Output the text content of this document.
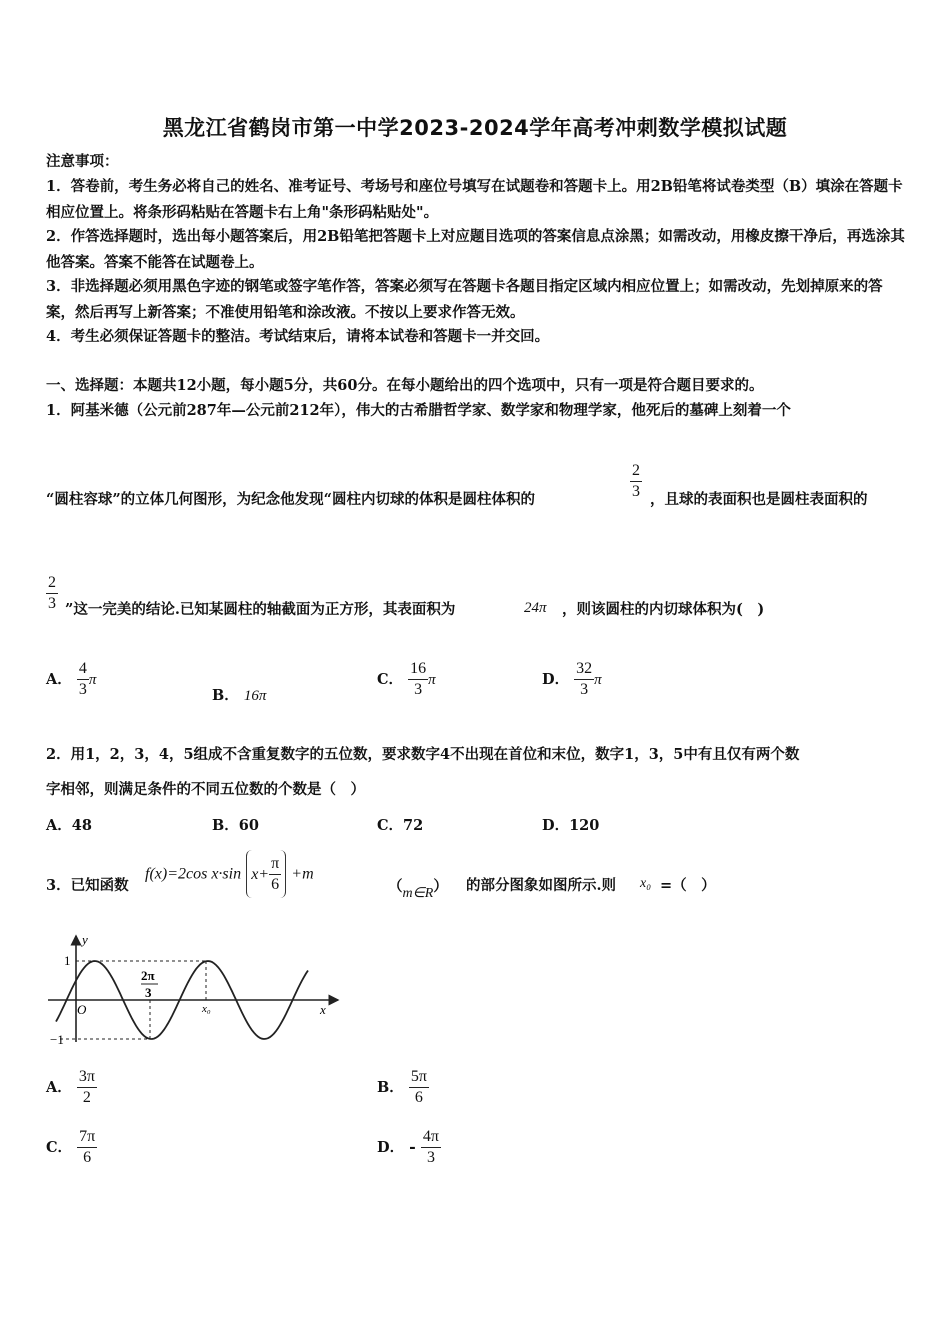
黑龙江省鹤岗市第一中学2023-2024学年高考冲刺数学模拟试题
注意事项：
1．答卷前，考生务必将自己的姓名、准考证号、考场号和座位号填写在试题卷和答题卡上。用2B铅笔将试卷类型（B）填涂在答题卡相应位置上。将条形码粘贴在答题卡右上角"条形码粘贴处"。
2．作答选择题时，选出每小题答案后，用2B铅笔把答题卡上对应题目选项的答案信息点涂黑；如需改动，用橡皮擦干净后，再选涂其他答案。答案不能答在试题卷上。
3．非选择题必须用黑色字迹的钢笔或签字笔作答，答案必须写在答题卡各题目指定区域内相应位置上；如需改动，先划掉原来的答案，然后再写上新答案；不准使用铅笔和涂改液。不按以上要求作答无效。
4．考生必须保证答题卡的整洁。考试结束后，请将本试卷和答题卡一并交回。
一、选择题：本题共12小题，每小题5分，共60分。在每小题给出的四个选项中，只有一项是符合题目要求的。
1．阿基米德（公元前287年—公元前212年），伟大的古希腊哲学家、数学家和物理学家，他死后的墓碑上刻着一个
“圆柱容球”的立体几何图形，为纪念他发现“圆柱内切球的体积是圆柱体积的	$\frac{2}{3}$ ，且球的表面积也是圆柱表面积的
$\frac{2}{3}$ ”这一完美的结论.已知某圆柱的轴截面为正方形，其表面积为	24π ，则该圆柱的内切球体积为(　)
A． $\frac{4}{3}$ π
B． 16π
C． $\frac{16}{3}$ π	D． $\frac{32}{3}$ π
2．用1，2，3，4，5组成不含重复数字的五位数，要求数字4不出现在首位和末位，数字1，3，5中有且仅有两个数
字相邻，则满足条件的不同五位数的个数是（　）
A．48	B．60	C．72	D．120
3．已知函数
f(x)=2cos x·sin $x+ \frac{\pi}{6} +m$
（m∈R） 的部分图象如图所示.则 x₀ =（　）
y
x
1
−1
O
2π
3
x₀
A． $\frac{3\pi}{2}$	B． $\frac{5\pi}{6}$
C． $\frac{7\pi}{6}$	D． - $\frac{4\pi}{3}$
